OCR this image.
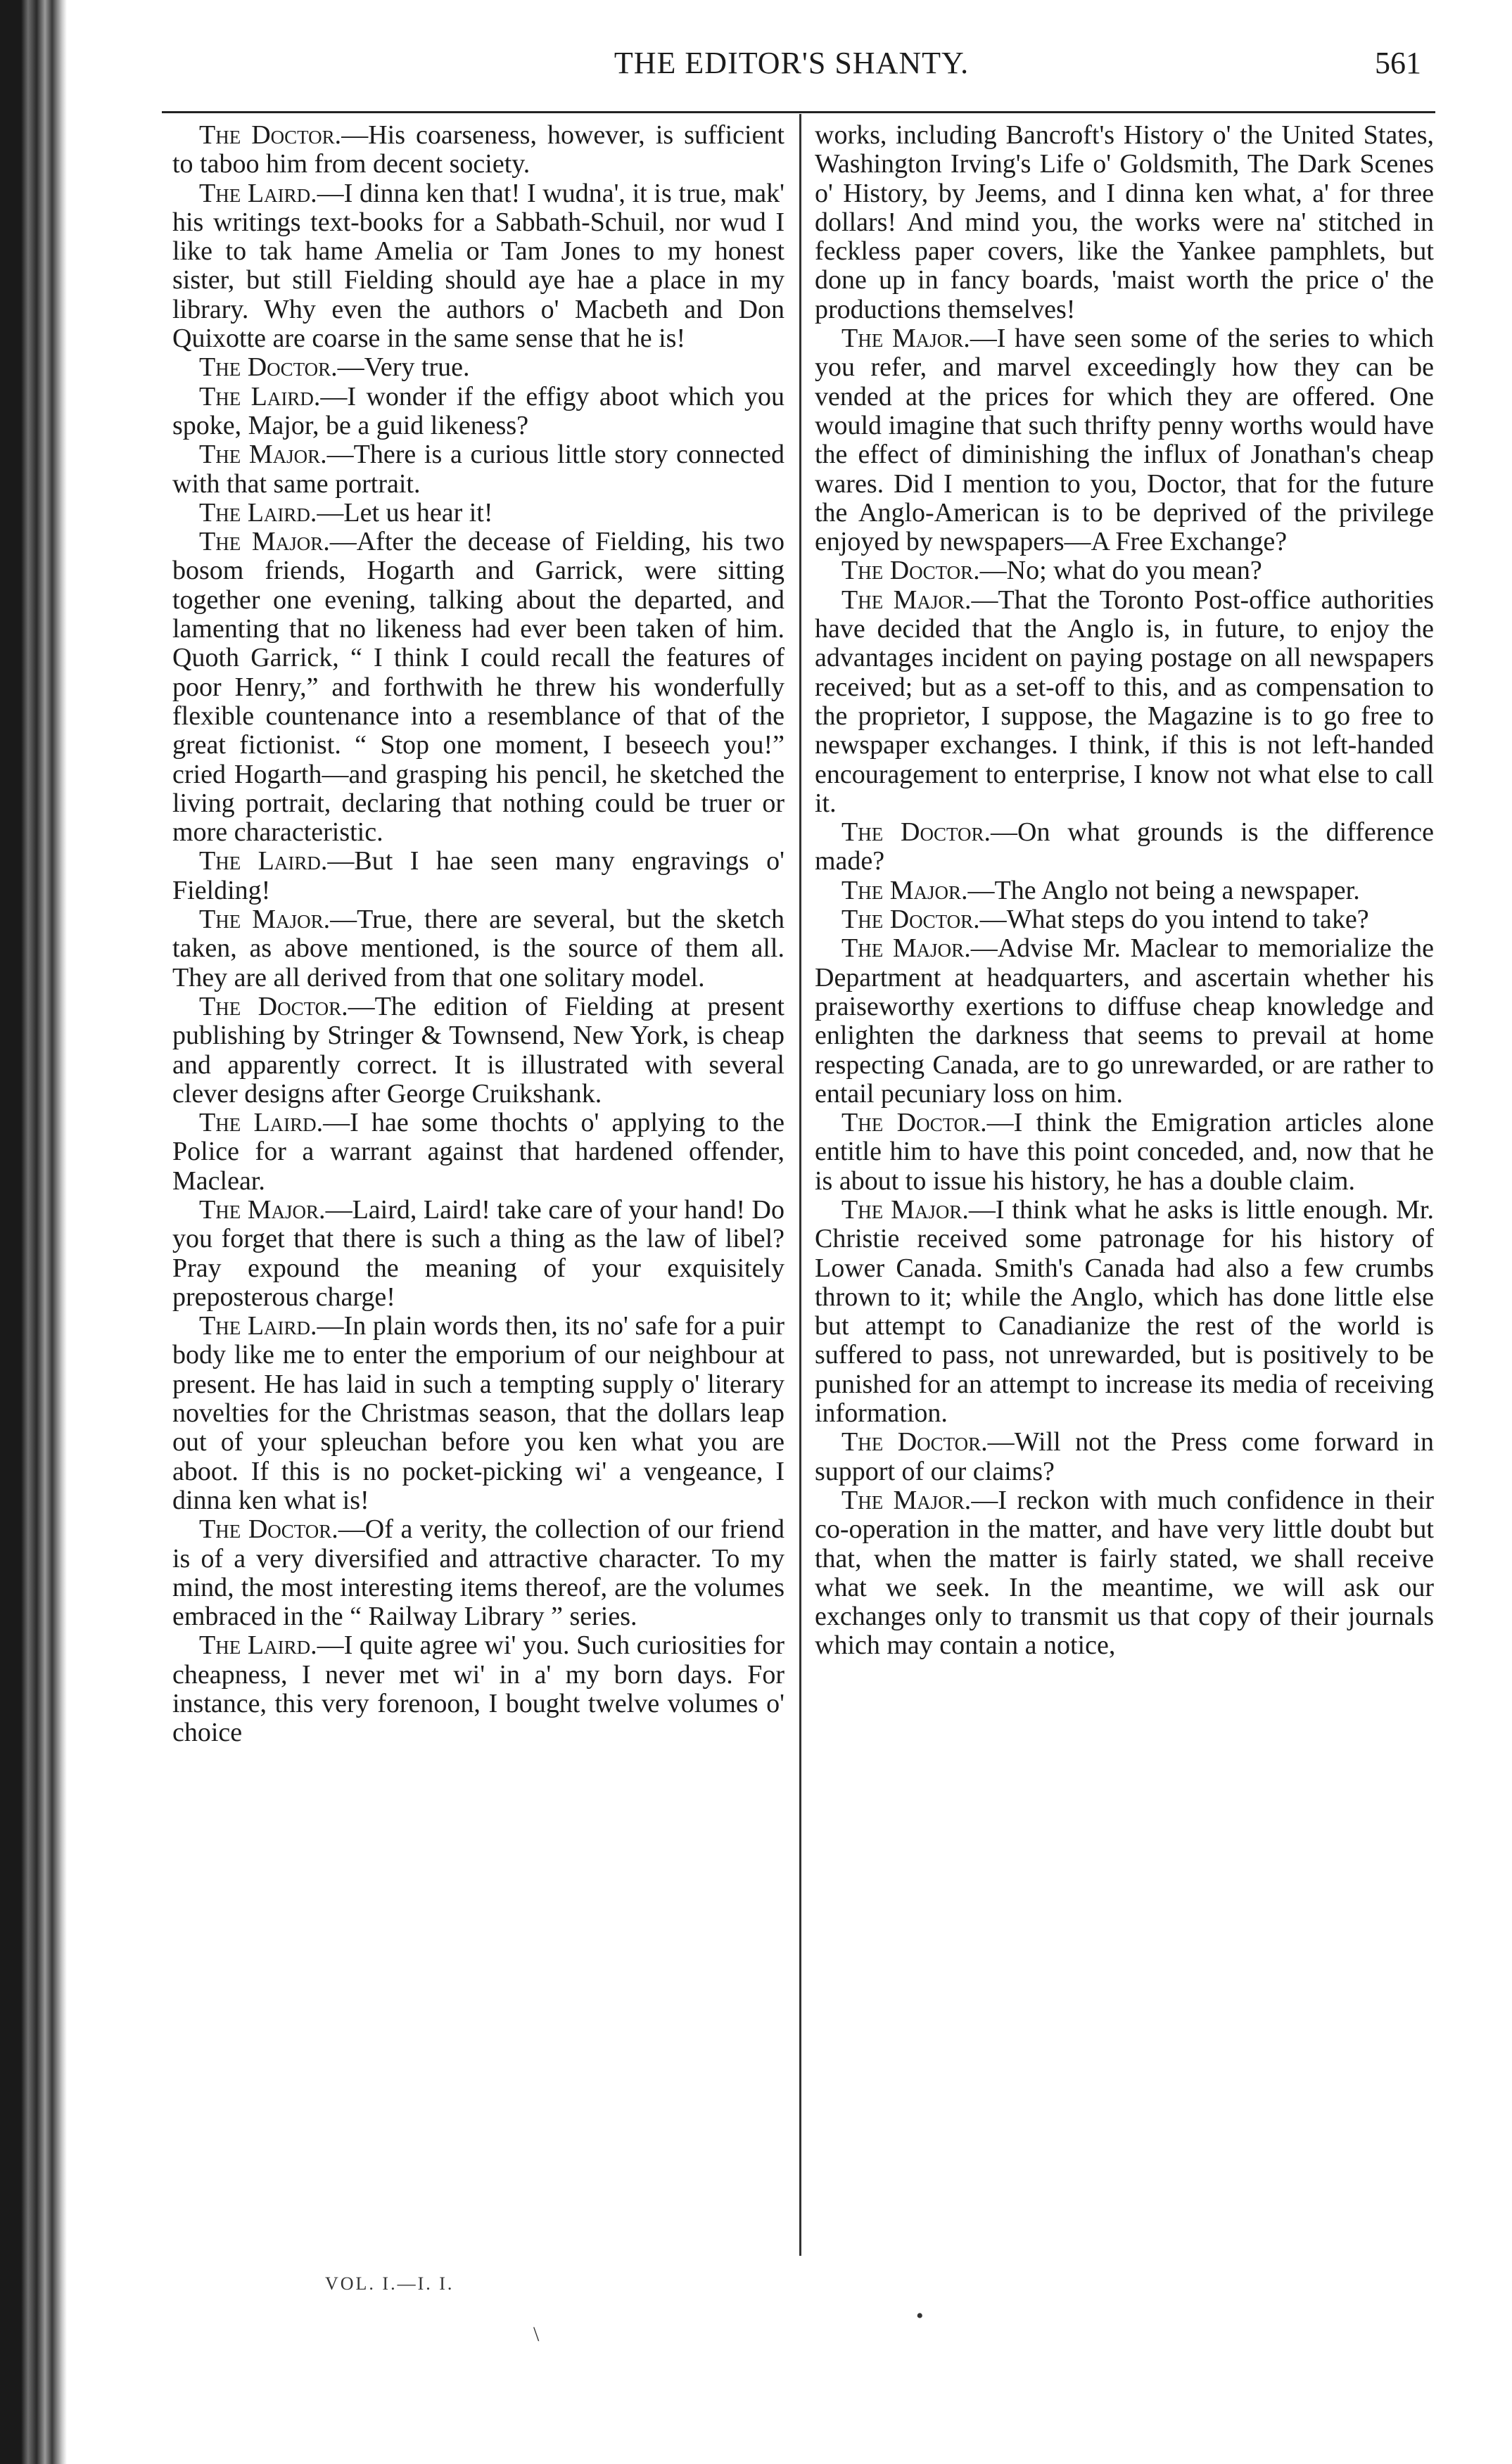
THE EDITOR'S SHANTY.	561

The Doctor.—His coarseness, however, is sufficient to taboo him from decent society.

The Laird.—I dinna ken that! I wudna', it is true, mak' his writings text-books for a Sabbath-Schuil, nor wud I like to tak hame Amelia or Tam Jones to my honest sister, but still Fielding should aye hae a place in my library. Why even the authors o' Macbeth and Don Quixotte are coarse in the same sense that he is!

The Doctor.—Very true.

The Laird.—I wonder if the effigy aboot which you spoke, Major, be a guid likeness?

The Major.—There is a curious little story connected with that same portrait.

The Laird.—Let us hear it!

The Major.—After the decease of Fielding, his two bosom friends, Hogarth and Garrick, were sitting together one evening, talking about the departed, and lamenting that no likeness had ever been taken of him. Quoth Garrick, “ I think I could recall the features of poor Henry,” and forthwith he threw his wonderfully flexible countenance into a resemblance of that of the great fictionist. “ Stop one moment, I beseech you!” cried Hogarth—and grasping his pencil, he sketched the living portrait, declaring that nothing could be truer or more characteristic.

The Laird.—But I hae seen many engravings o' Fielding!

The Major.—True, there are several, but the sketch taken, as above mentioned, is the source of them all. They are all derived from that one solitary model.

The Doctor.—The edition of Fielding at present publishing by Stringer & Townsend, New York, is cheap and apparently correct. It is illustrated with several clever designs after George Cruikshank.

The Laird.—I hae some thochts o' applying to the Police for a warrant against that hardened offender, Maclear.

The Major.—Laird, Laird! take care of your hand! Do you forget that there is such a thing as the law of libel? Pray expound the meaning of your exquisitely preposterous charge!

The Laird.—In plain words then, its no' safe for a puir body like me to enter the emporium of our neighbour at present. He has laid in such a tempting supply o' literary novelties for the Christmas season, that the dollars leap out of your spleuchan before you ken what you are aboot. If this is no pocket-picking wi' a vengeance, I dinna ken what is!

The Doctor.—Of a verity, the collection of our friend is of a very diversified and attractive character. To my mind, the most interesting items thereof, are the volumes embraced in the “ Railway Library ” series.

The Laird.—I quite agree wi' you. Such curiosities for cheapness, I never met wi' in a' my born days. For instance, this very forenoon, I bought twelve volumes o' choice

works, including Bancroft's History o' the United States, Washington Irving's Life o' Goldsmith, The Dark Scenes o' History, by Jeems, and I dinna ken what, a' for three dollars! And mind you, the works were na' stitched in feckless paper covers, like the Yankee pamphlets, but done up in fancy boards, 'maist worth the price o' the productions themselves!

The Major.—I have seen some of the series to which you refer, and marvel exceedingly how they can be vended at the prices for which they are offered. One would imagine that such thrifty penny worths would have the effect of diminishing the influx of Jonathan's cheap wares. Did I mention to you, Doctor, that for the future the Anglo-American is to be deprived of the privilege enjoyed by newspapers—A Free Exchange?

The Doctor.—No; what do you mean?

The Major.—That the Toronto Post-office authorities have decided that the Anglo is, in future, to enjoy the advantages incident on paying postage on all newspapers received; but as a set-off to this, and as compensation to the proprietor, I suppose, the Magazine is to go free to newspaper exchanges. I think, if this is not left-handed encouragement to enterprise, I know not what else to call it.

The Doctor.—On what grounds is the difference made?

The Major.—The Anglo not being a newspaper.

The Doctor.—What steps do you intend to take?

The Major.—Advise Mr. Maclear to memorialize the Department at headquarters, and ascertain whether his praiseworthy exertions to diffuse cheap knowledge and enlighten the darkness that seems to prevail at home respecting Canada, are to go unrewarded, or are rather to entail pecuniary loss on him.

The Doctor.—I think the Emigration articles alone entitle him to have this point conceded, and, now that he is about to issue his history, he has a double claim.

The Major.—I think what he asks is little enough. Mr. Christie received some patronage for his history of Lower Canada. Smith's Canada had also a few crumbs thrown to it; while the Anglo, which has done little else but attempt to Canadianize the rest of the world is suffered to pass, not unrewarded, but is positively to be punished for an attempt to increase its media of receiving information.

The Doctor.—Will not the Press come forward in support of our claims?

The Major.—I reckon with much confidence in their co-operation in the matter, and have very little doubt but that, when the matter is fairly stated, we shall receive what we seek. In the meantime, we will ask our exchanges only to transmit us that copy of their journals which may contain a notice,

VOL. I.—I. I.
\
•
